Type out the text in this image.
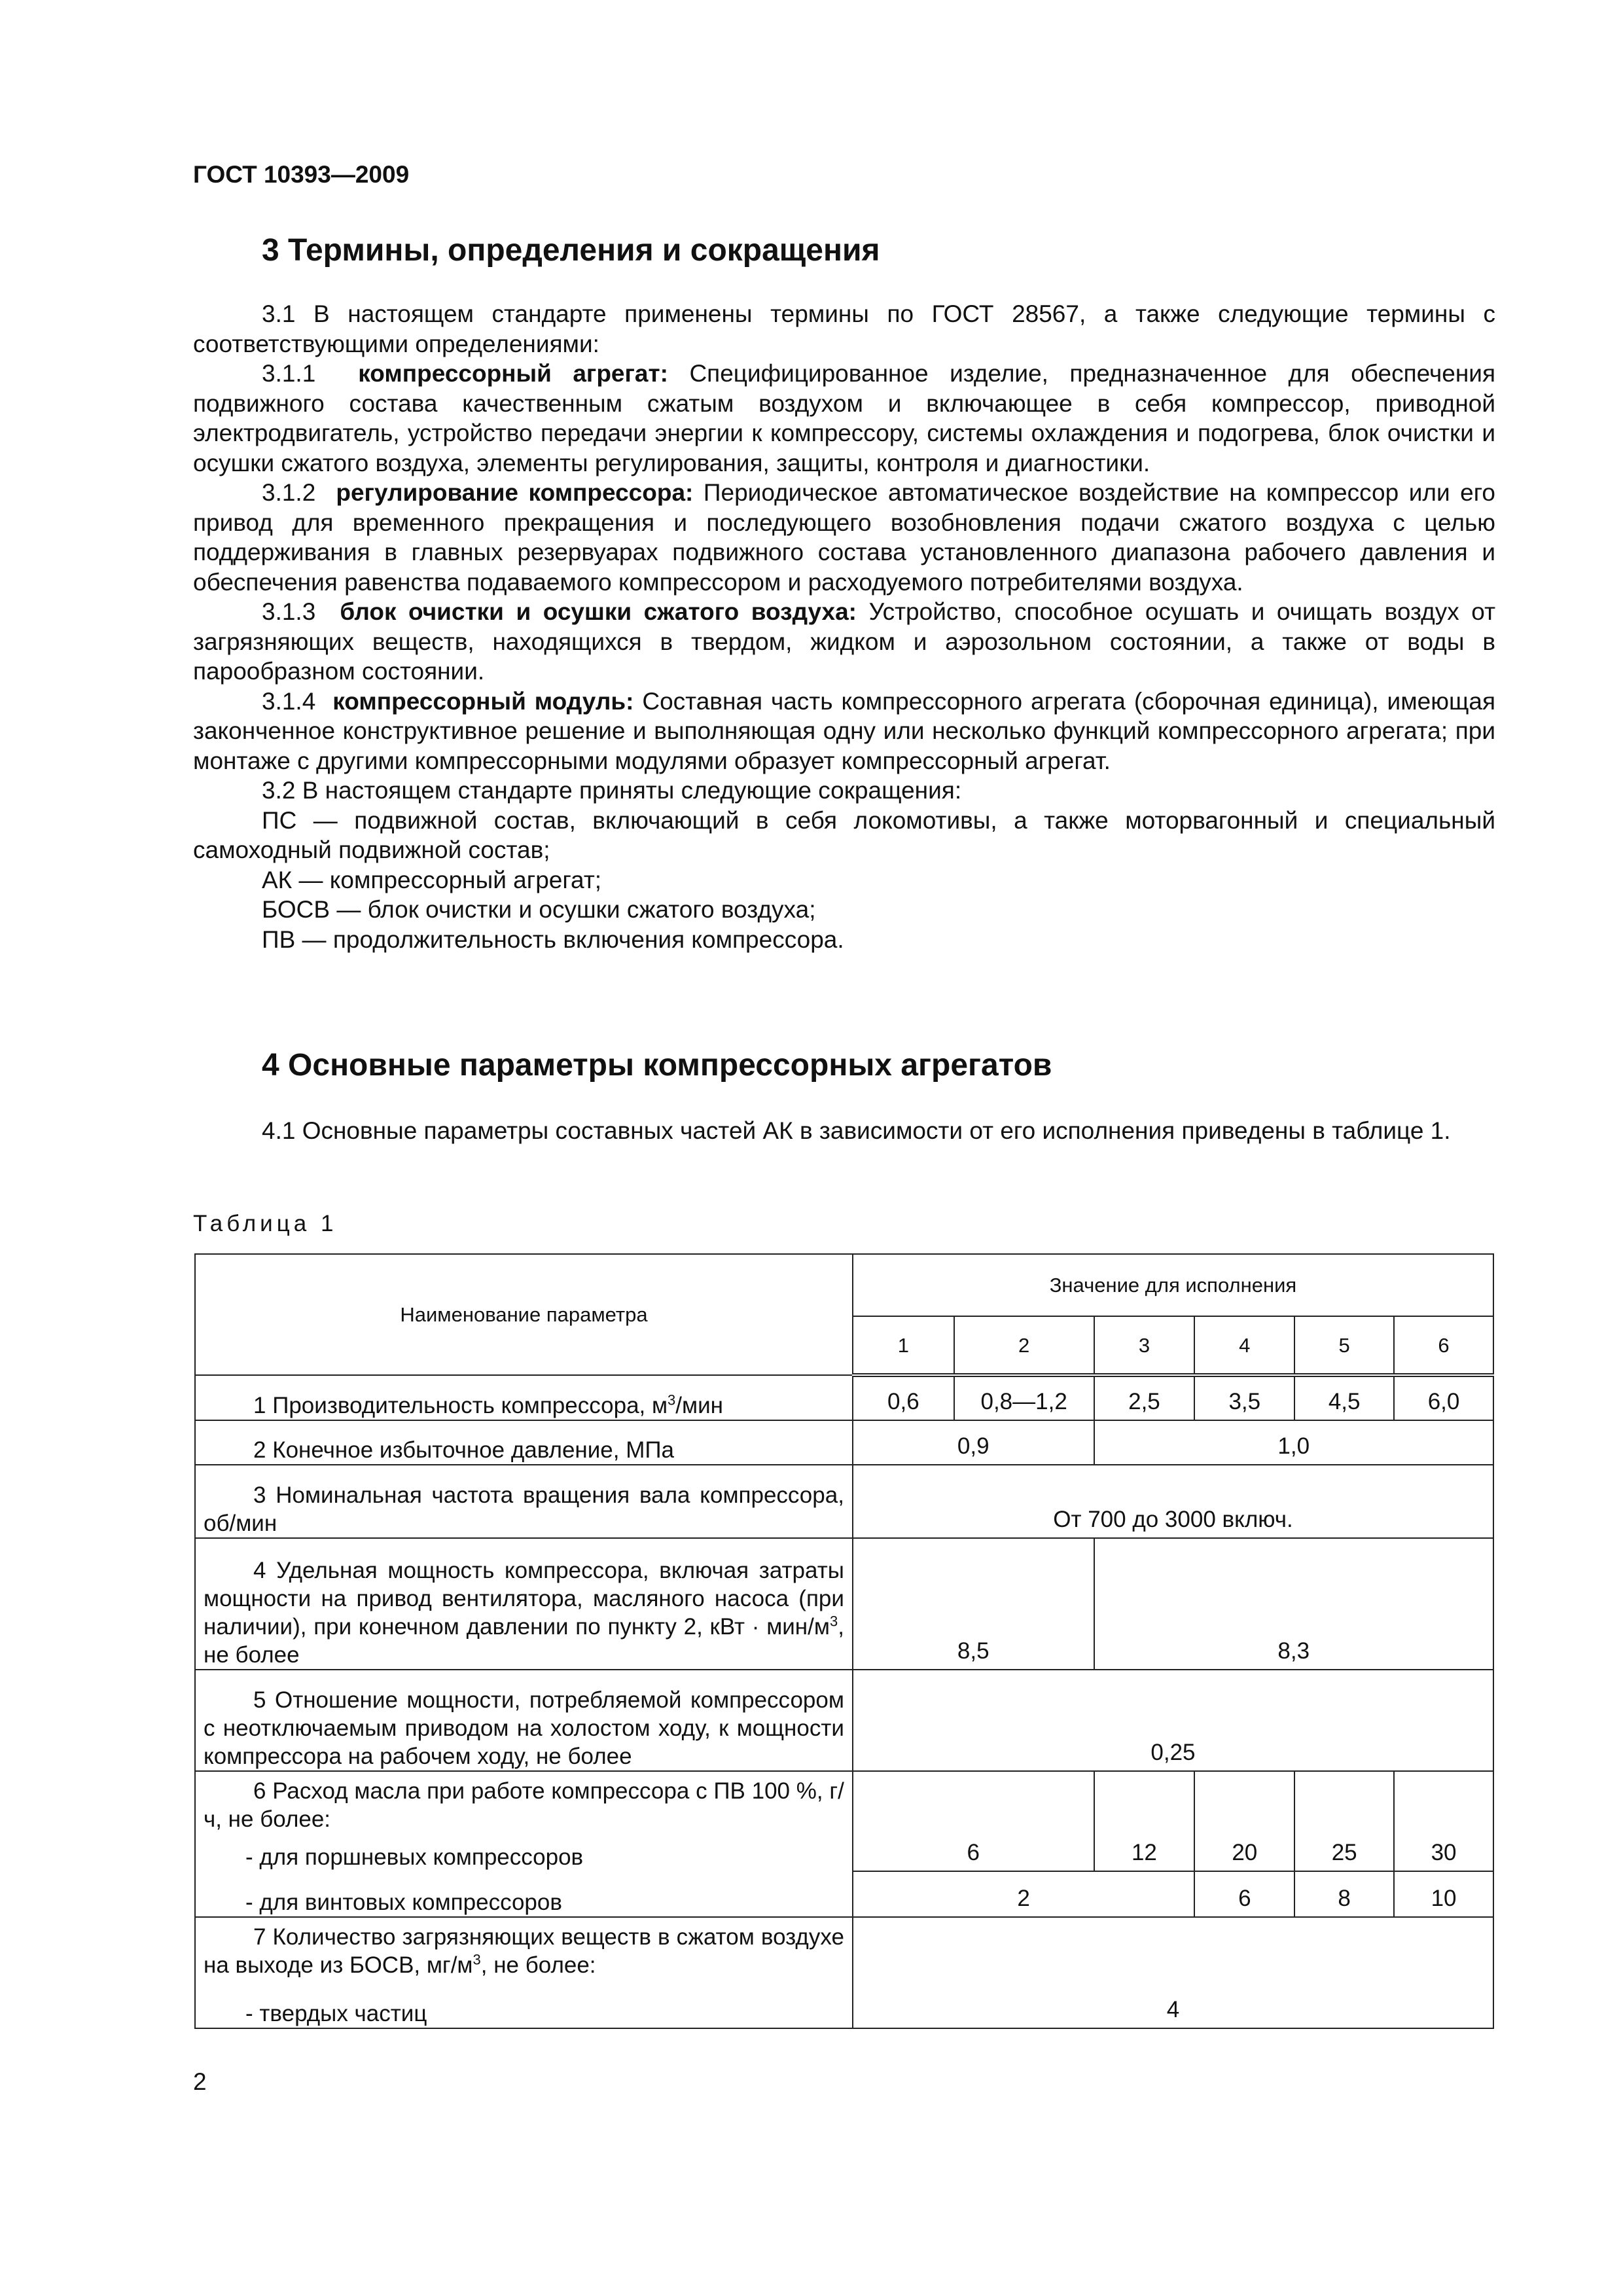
ГОСТ 10393—2009
3 Термины, определения и сокращения

3.1 В настоящем стандарте применены термины по ГОСТ 28567, а также следующие термины с соответствующими определениями:

3.1.1 компрессорный агрегат: Специфицированное изделие, предназначенное для обеспечения подвижного состава качественным сжатым воздухом и включающее в себя компрессор, приводной электродвигатель, устройство передачи энергии к компрессору, системы охлаждения и подогрева, блок очистки и осушки сжатого воздуха, элементы регулирования, защиты, контроля и диагностики.

3.1.2 регулирование компрессора: Периодическое автоматическое воздействие на компрессор или его привод для временного прекращения и последующего возобновления подачи сжатого воздуха с целью поддерживания в главных резервуарах подвижного состава установленного диапазона рабочего давления и обеспечения равенства подаваемого компрессором и расходуемого потребителями воздуха.

3.1.3 блок очистки и осушки сжатого воздуха: Устройство, способное осушать и очищать воздух от загрязняющих веществ, находящихся в твердом, жидком и аэрозольном состоянии, а также от воды в парообразном состоянии.

3.1.4 компрессорный модуль: Составная часть компрессорного агрегата (сборочная единица), имеющая законченное конструктивное решение и выполняющая одну или несколько функций компрессорного агрегата; при монтаже с другими компрессорными модулями образует компрессорный агрегат.

3.2 В настоящем стандарте приняты следующие сокращения:

ПС — подвижной состав, включающий в себя локомотивы, а также моторвагонный и специальный самоходный подвижной состав;

АК — компрессорный агрегат;

БОСВ — блок очистки и осушки сжатого воздуха;

ПВ — продолжительность включения компрессора.

4 Основные параметры компрессорных агрегатов

4.1 Основные параметры составных частей АК в зависимости от его исполнения приведены в таблице 1.

Таблица 1
Наименование параметра	Значение для исполнения					
	1	2	3	4	5	6

1 Производительность компрессора, $м^3$/мин	0,6	0,8—1,2	2,5	3,5	4,5	6,0

2 Конечное избыточное давление, МПа	0,9		1,0			

3 Номинальная частота вращения вала компрессора, об/мин	От 700 до 3000 включ.					

4 Удельная мощность компрессора, включая затраты мощности на привод вентилятора, масляного насоса (при наличии), при конечном давлении по пункту 2, кВт · мин/$м^3$, не более	8,5		8,3			

5 Отношение мощности, потребляемой компрессором с неотключаемым приводом на холостом ходу, к мощности компрессора на рабочем ходу, не более	0,25					

6 Расход масла при работе компрессора с ПВ 100 %, г/ч, не более:						

- для поршневых компрессоров	6		12	20	25	30
- для винтовых компрессоров	2			6	8	10

7 Количество загрязняющих веществ в сжатом воздухе на выходе из БОСВ, $мг/м^3$, не более:						

- твердых частиц	4					
2
